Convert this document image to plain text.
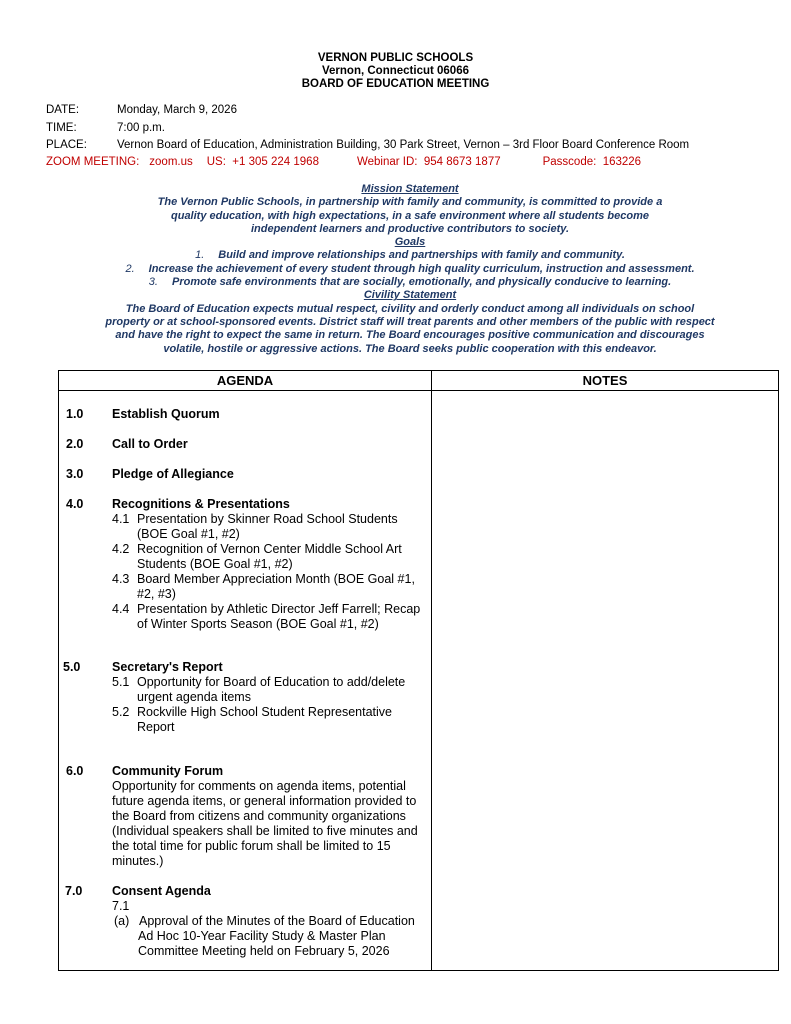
VERNON PUBLIC SCHOOLS
Vernon, Connecticut 06066
BOARD OF EDUCATION MEETING
DATE:	Monday, March 9, 2026
TIME:	7:00 p.m.
PLACE:	Vernon Board of Education, Administration Building, 30 Park Street, Vernon – 3rd Floor Board Conference Room
ZOOM MEETING: zoom.us US:  +1 305 224 1968	Webinar ID:  954 8673 1877	Passcode:  163226
Mission Statement
The Vernon Public Schools, in partnership with family and community, is committed to provide a
quality education, with high expectations, in a safe environment where all students become
independent learners and productive contributors to society.
Goals
1. Build and improve relationships and partnerships with family and community.
2. Increase the achievement of every student through high quality curriculum, instruction and assessment.
3. Promote safe environments that are socially, emotionally, and physically conducive to learning.
Civility Statement
The Board of Education expects mutual respect, civility and orderly conduct among all individuals on school
property or at school-sponsored events. District staff will treat parents and other members of the public with respect
and have the right to expect the same in return. The Board encourages positive communication and discourages
volatile, hostile or aggressive actions. The Board seeks public cooperation with this endeavor.
AGENDA	NOTES
1.0 Establish Quorum
2.0 Call to Order
3.0 Pledge of Allegiance
4.0 Recognitions & Presentations
4.1 Presentation by Skinner Road School Students (BOE Goal #1, #2)
4.2 Recognition of Vernon Center Middle School Art Students (BOE Goal #1, #2)
4.3 Board Member Appreciation Month (BOE Goal #1, #2, #3)
4.4 Presentation by Athletic Director Jeff Farrell; Recap of Winter Sports Season (BOE Goal #1, #2)
5.0	Secretary's Report
5.1 Opportunity for Board of Education to add/delete urgent agenda items
5.2 Rockville High School Student Representative Report
6.0 Community Forum
Opportunity for comments on agenda items, potential future agenda items, or general information provided to the Board from citizens and community organizations (Individual speakers shall be limited to five minutes and the total time for public forum shall be limited to 15 minutes.)
7.0 Consent Agenda
7.1
(a) Approval of the Minutes of the Board of Education Ad Hoc 10-Year Facility Study & Master Plan Committee Meeting held on February 5, 2026
